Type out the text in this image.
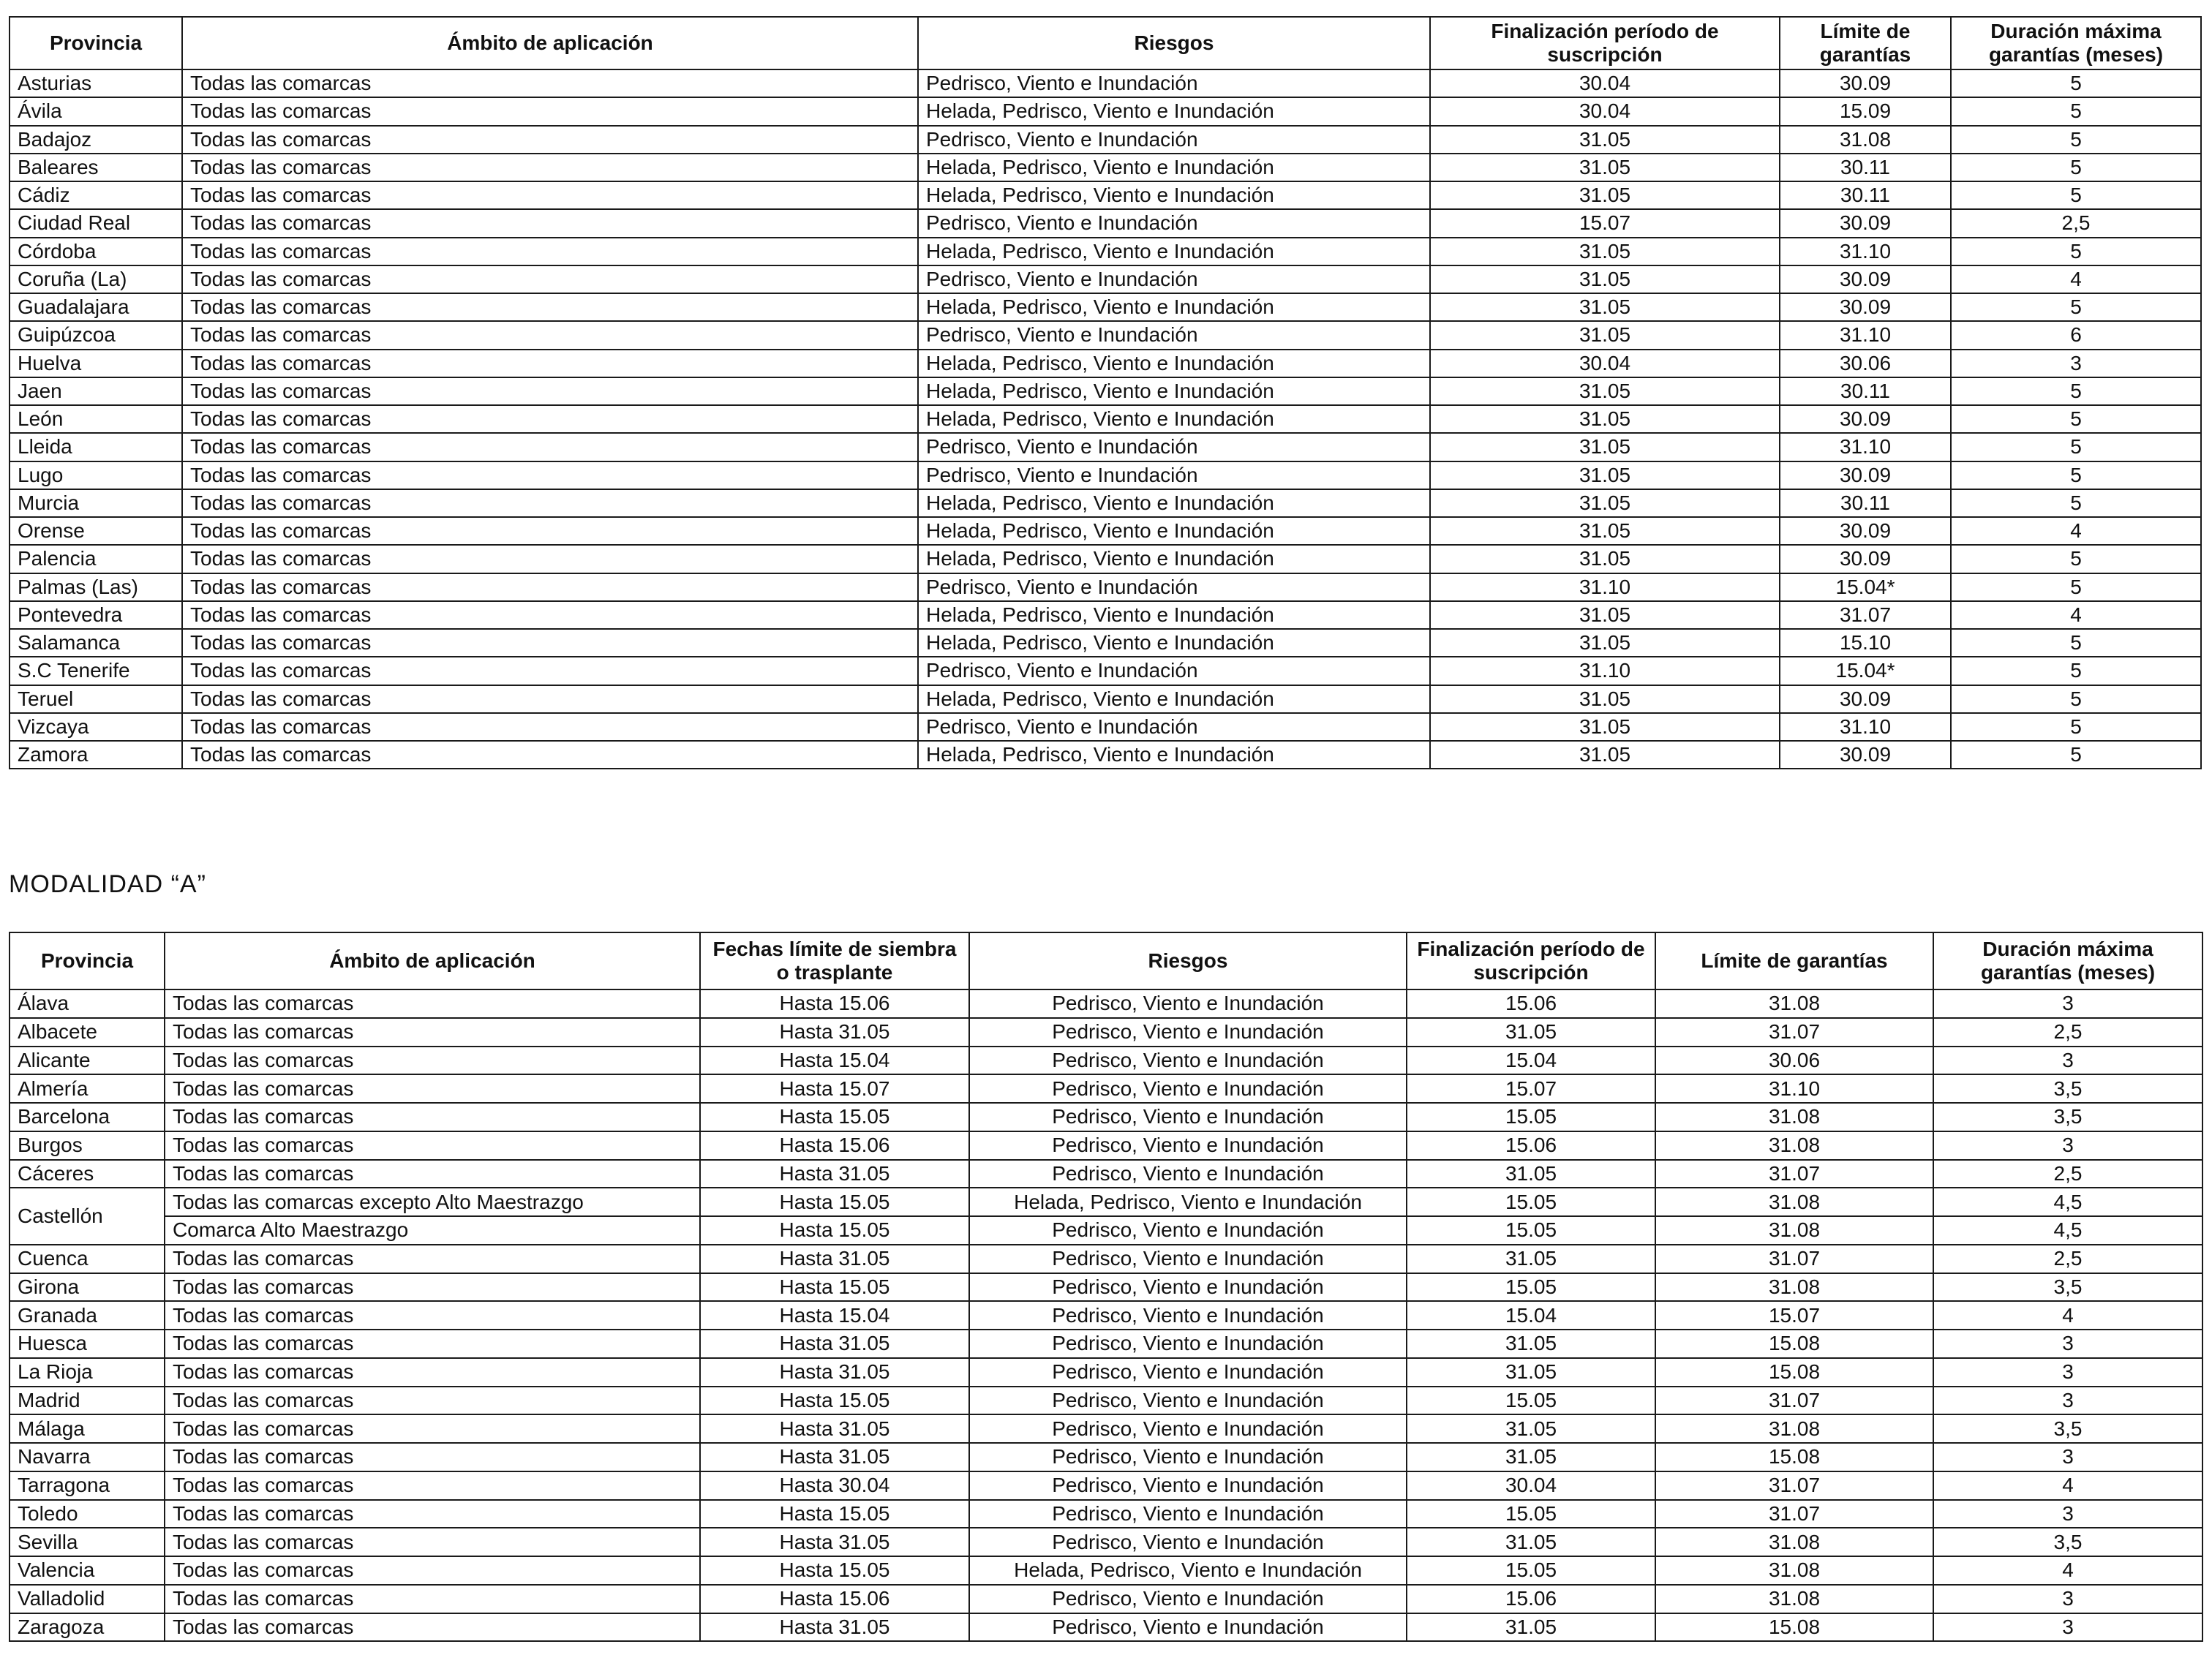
Provincia	Ámbito de aplicación	Riesgos	Finalización período de suscripción	Límite de garantías	Duración máxima garantías (meses)
Asturias	Todas las comarcas	Pedrisco, Viento e Inundación	30.04	30.09	5
Ávila	Todas las comarcas	Helada, Pedrisco, Viento e Inundación	30.04	15.09	5
Badajoz	Todas las comarcas	Pedrisco, Viento e Inundación	31.05	31.08	5
Baleares	Todas las comarcas	Helada, Pedrisco, Viento e Inundación	31.05	30.11	5
Cádiz	Todas las comarcas	Helada, Pedrisco, Viento e Inundación	31.05	30.11	5
Ciudad Real	Todas las comarcas	Pedrisco, Viento e Inundación	15.07	30.09	2,5
Córdoba	Todas las comarcas	Helada, Pedrisco, Viento e Inundación	31.05	31.10	5
Coruña (La)	Todas las comarcas	Pedrisco, Viento e Inundación	31.05	30.09	4
Guadalajara	Todas las comarcas	Helada, Pedrisco, Viento e Inundación	31.05	30.09	5
Guipúzcoa	Todas las comarcas	Pedrisco, Viento e Inundación	31.05	31.10	6
Huelva	Todas las comarcas	Helada, Pedrisco, Viento e Inundación	30.04	30.06	3
Jaen	Todas las comarcas	Helada, Pedrisco, Viento e Inundación	31.05	30.11	5
León	Todas las comarcas	Helada, Pedrisco, Viento e Inundación	31.05	30.09	5
Lleida	Todas las comarcas	Pedrisco, Viento e Inundación	31.05	31.10	5
Lugo	Todas las comarcas	Pedrisco, Viento e Inundación	31.05	30.09	5
Murcia	Todas las comarcas	Helada, Pedrisco, Viento e Inundación	31.05	30.11	5
Orense	Todas las comarcas	Helada, Pedrisco, Viento e Inundación	31.05	30.09	4
Palencia	Todas las comarcas	Helada, Pedrisco, Viento e Inundación	31.05	30.09	5
Palmas (Las)	Todas las comarcas	Pedrisco, Viento e Inundación	31.10	15.04*	5
Pontevedra	Todas las comarcas	Helada, Pedrisco, Viento e Inundación	31.05	31.07	4
Salamanca	Todas las comarcas	Helada, Pedrisco, Viento e Inundación	31.05	15.10	5
S.C Tenerife	Todas las comarcas	Pedrisco, Viento e Inundación	31.10	15.04*	5
Teruel	Todas las comarcas	Helada, Pedrisco, Viento e Inundación	31.05	30.09	5
Vizcaya	Todas las comarcas	Pedrisco, Viento e Inundación	31.05	31.10	5
Zamora	Todas las comarcas	Helada, Pedrisco, Viento e Inundación	31.05	30.09	5
MODALIDAD “A”
Provincia	Ámbito de aplicación	Fechas límite de siembra o trasplante	Riesgos	Finalización período de suscripción	Límite de garantías	Duración máxima garantías (meses)
Álava	Todas las comarcas	Hasta 15.06	Pedrisco, Viento e Inundación	15.06	31.08	3
Albacete	Todas las comarcas	Hasta 31.05	Pedrisco, Viento e Inundación	31.05	31.07	2,5
Alicante	Todas las comarcas	Hasta 15.04	Pedrisco, Viento e Inundación	15.04	30.06	3
Almería	Todas las comarcas	Hasta 15.07	Pedrisco, Viento e Inundación	15.07	31.10	3,5
Barcelona	Todas las comarcas	Hasta 15.05	Pedrisco, Viento e Inundación	15.05	31.08	3,5
Burgos	Todas las comarcas	Hasta 15.06	Pedrisco, Viento e Inundación	15.06	31.08	3
Cáceres	Todas las comarcas	Hasta 31.05	Pedrisco, Viento e Inundación	31.05	31.07	2,5
Castellón	Todas las comarcas excepto Alto Maestrazgo	Hasta 15.05	Helada, Pedrisco, Viento e Inundación	15.05	31.08	4,5
	Comarca Alto Maestrazgo	Hasta 15.05	Pedrisco, Viento e Inundación	15.05	31.08	4,5
Cuenca	Todas las comarcas	Hasta 31.05	Pedrisco, Viento e Inundación	31.05	31.07	2,5
Girona	Todas las comarcas	Hasta 15.05	Pedrisco, Viento e Inundación	15.05	31.08	3,5
Granada	Todas las comarcas	Hasta 15.04	Pedrisco, Viento e Inundación	15.04	15.07	4
Huesca	Todas las comarcas	Hasta 31.05	Pedrisco, Viento e Inundación	31.05	15.08	3
La Rioja	Todas las comarcas	Hasta 31.05	Pedrisco, Viento e Inundación	31.05	15.08	3
Madrid	Todas las comarcas	Hasta 15.05	Pedrisco, Viento e Inundación	15.05	31.07	3
Málaga	Todas las comarcas	Hasta 31.05	Pedrisco, Viento e Inundación	31.05	31.08	3,5
Navarra	Todas las comarcas	Hasta 31.05	Pedrisco, Viento e Inundación	31.05	15.08	3
Tarragona	Todas las comarcas	Hasta 30.04	Pedrisco, Viento e Inundación	30.04	31.07	4
Toledo	Todas las comarcas	Hasta 15.05	Pedrisco, Viento e Inundación	15.05	31.07	3
Sevilla	Todas las comarcas	Hasta 31.05	Pedrisco, Viento e Inundación	31.05	31.08	3,5
Valencia	Todas las comarcas	Hasta 15.05	Helada, Pedrisco, Viento e Inundación	15.05	31.08	4
Valladolid	Todas las comarcas	Hasta 15.06	Pedrisco, Viento e Inundación	15.06	31.08	3
Zaragoza	Todas las comarcas	Hasta 31.05	Pedrisco, Viento e Inundación	31.05	15.08	3
